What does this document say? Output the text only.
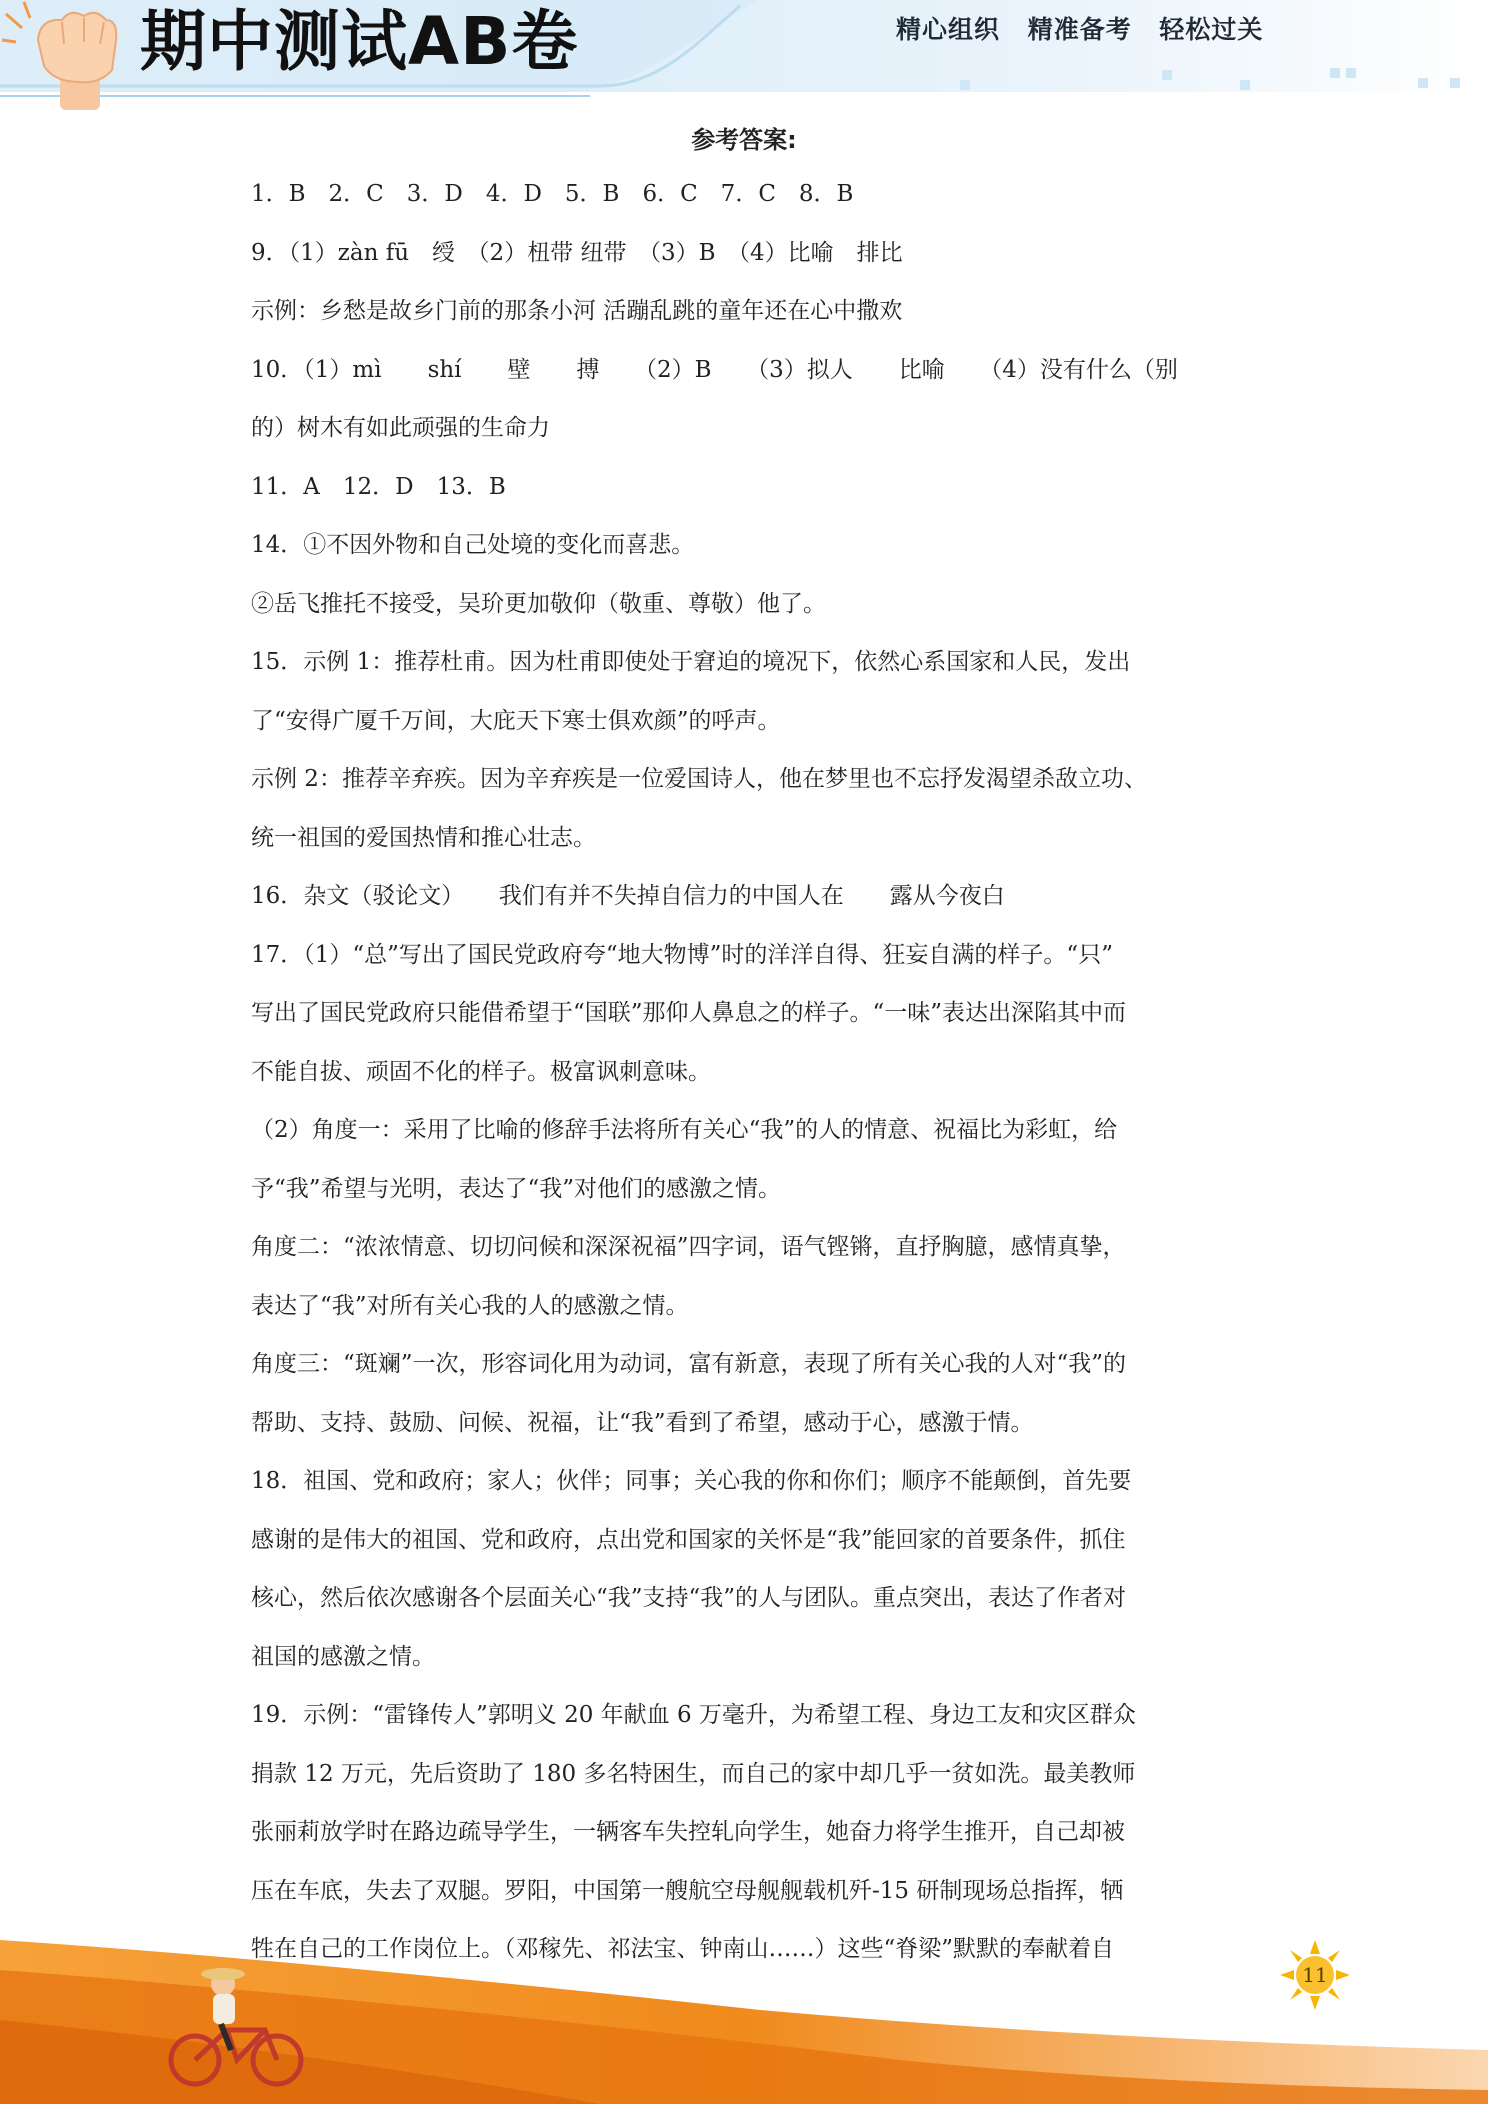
期中测试AB卷	精心组织 精准备考 轻松过关
参考答案:
1．B　2．C　3．D　4．D　5．B　6．C　7．C　8．B
9．（1）zàn fū　绶　（2）杻带 纽带　（3）B　（4）比喻　排比
示例：乡愁是故乡门前的那条小河 活蹦乱跳的童年还在心中撒欢
10．（1）mì　　shí　　壁　　搏　　（2）B　　（3）拟人　　比喻　　（4）没有什么（别
的）树木有如此顽强的生命力
11．A　12．D　13．B
14．①不因外物和自己处境的变化而喜悲。
②岳飞推托不接受，吴玠更加敬仰（敬重、尊敬）他了。
15．示例 1：推荐杜甫。因为杜甫即使处于窘迫的境况下，依然心系国家和人民，发出
了“安得广厦千万间，大庇天下寒士俱欢颜”的呼声。
示例 2：推荐辛弃疾。因为辛弃疾是一位爱国诗人，他在梦里也不忘抒发渴望杀敌立功、
统一祖国的爱国热情和推心壮志。
16．杂文（驳论文）　　我们有并不失掉自信力的中国人在　　露从今夜白
17．（1）“总”写出了国民党政府夸“地大物博”时的洋洋自得、狂妄自满的样子。“只”
写出了国民党政府只能借希望于“国联”那仰人鼻息之的样子。“一味”表达出深陷其中而
不能自拔、顽固不化的样子。极富讽刺意味。
（2）角度一：采用了比喻的修辞手法将所有关心“我”的人的情意、祝福比为彩虹，给
予“我”希望与光明，表达了“我”对他们的感激之情。
角度二：“浓浓情意、切切问候和深深祝福”四字词，语气铿锵，直抒胸臆，感情真挚，
表达了“我”对所有关心我的人的感激之情。
角度三：“斑斓”一次，形容词化用为动词，富有新意，表现了所有关心我的人对“我”的
帮助、支持、鼓励、问候、祝福，让“我”看到了希望，感动于心，感激于情。
18．祖国、党和政府；家人；伙伴；同事；关心我的你和你们；顺序不能颠倒，首先要
感谢的是伟大的祖国、党和政府，点出党和国家的关怀是“我”能回家的首要条件，抓住
核心，然后依次感谢各个层面关心“我”支持“我”的人与团队。重点突出，表达了作者对
祖国的感激之情。
19．示例：“雷锋传人”郭明义 20 年献血 6 万毫升，为希望工程、身边工友和灾区群众
捐款 12 万元，先后资助了 180 多名特困生，而自己的家中却几乎一贫如洗。最美教师
张丽莉放学时在路边疏导学生，一辆客车失控轧向学生，她奋力将学生推开，自己却被
压在车底，失去了双腿。罗阳，中国第一艘航空母舰舰载机歼-15 研制现场总指挥，牺
牲在自己的工作岗位上。（邓稼先、祁法宝、钟南山……）这些“脊梁”默默的奉献着自
11
